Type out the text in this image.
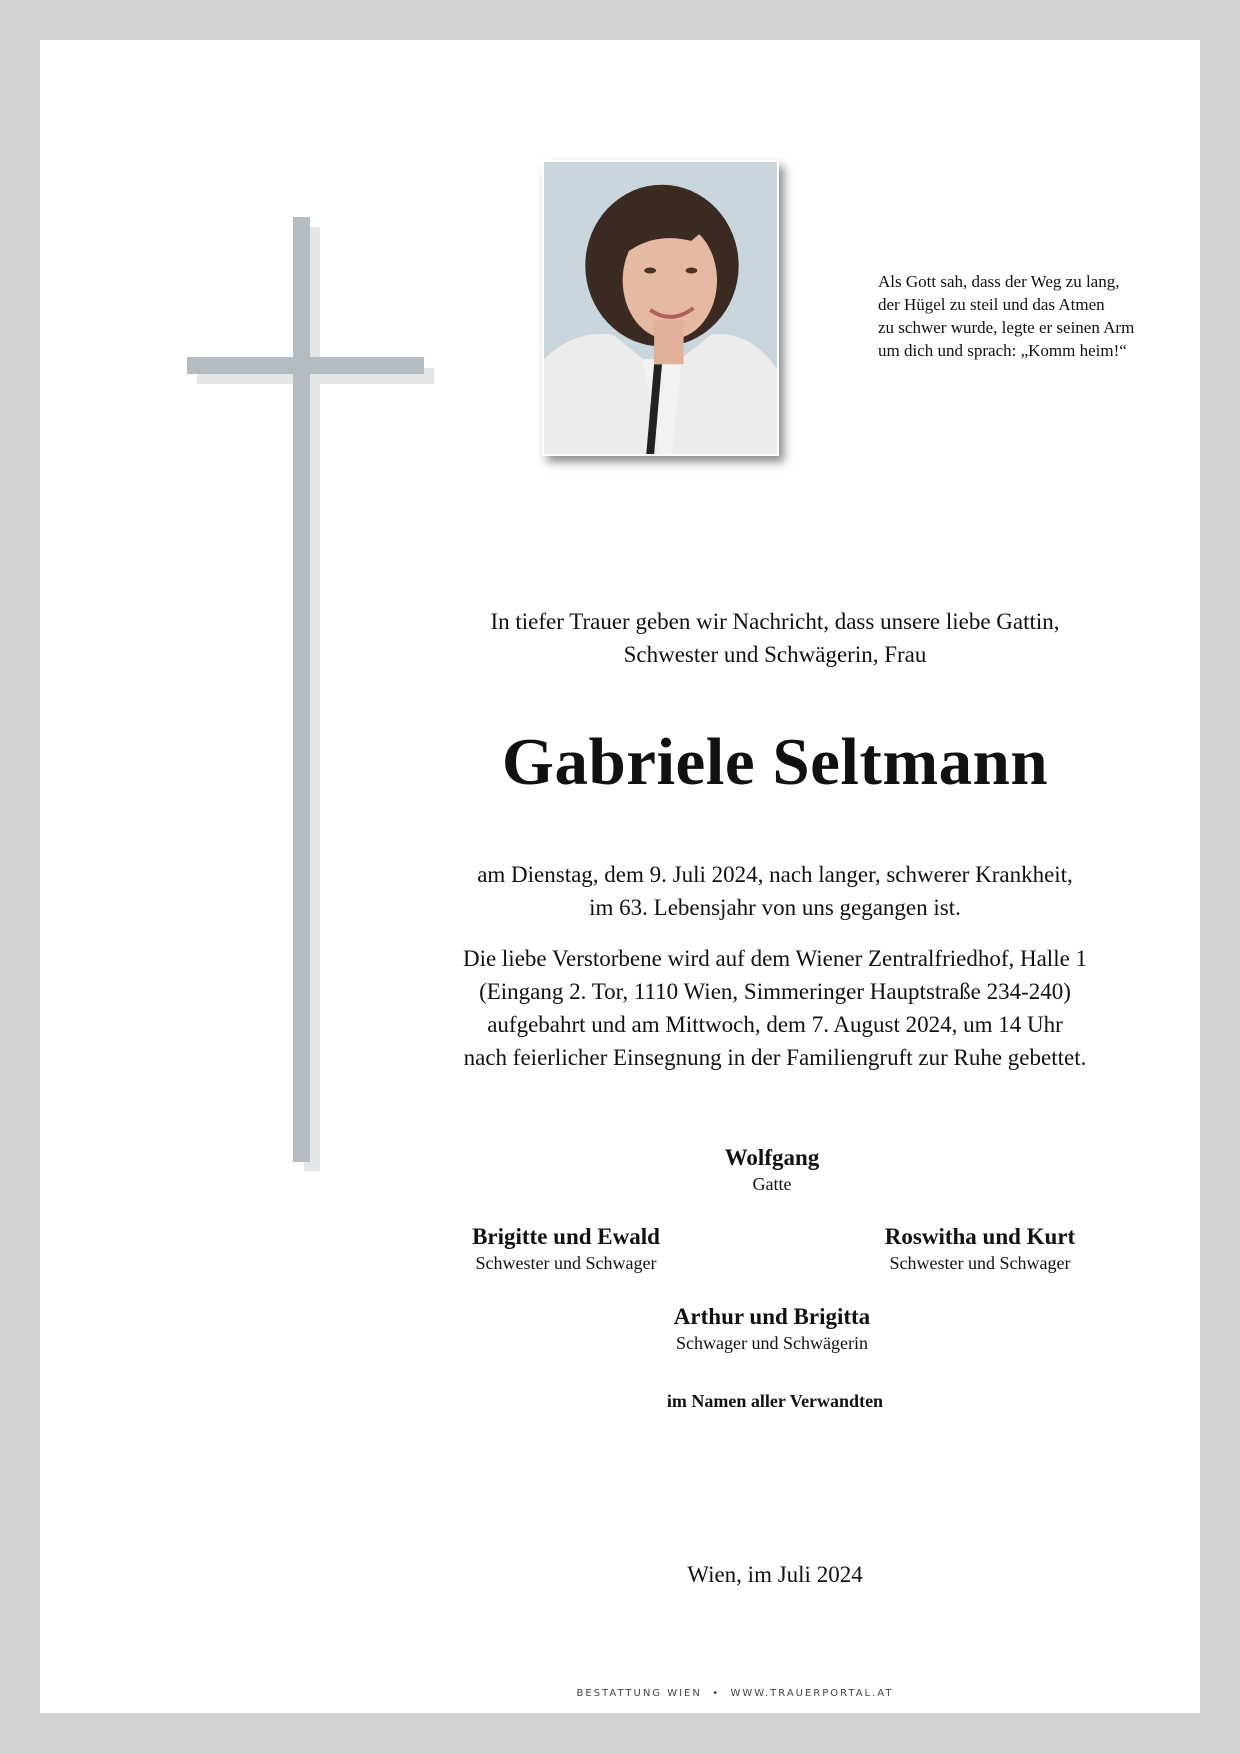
Als Gott sah, dass der Weg zu lang,
der Hügel zu steil und das Atmen
zu schwer wurde, legte er seinen Arm
um dich und sprach: „Komm heim!“
In tiefer Trauer geben wir Nachricht, dass unsere liebe Gattin,
Schwester und Schwägerin, Frau
Gabriele Seltmann
am Dienstag, dem 9. Juli 2024, nach langer, schwerer Krankheit,
im 63. Lebensjahr von uns gegangen ist.
Die liebe Verstorbene wird auf dem Wiener Zentralfriedhof, Halle 1
(Eingang 2. Tor, 1110 Wien, Simmeringer Hauptstraße 234-240)
aufgebahrt und am Mittwoch, dem 7. August 2024, um 14 Uhr
nach feierlicher Einsegnung in der Familiengruft zur Ruhe gebettet.
Wolfgang
Gatte
Brigitte und Ewald
Schwester und Schwager
Roswitha und Kurt
Schwester und Schwager
Arthur und Brigitta
Schwager und Schwägerin
im Namen aller Verwandten
Wien, im Juli 2024
BESTATTUNG WIEN  •  WWW.TRAUERPORTAL.AT
